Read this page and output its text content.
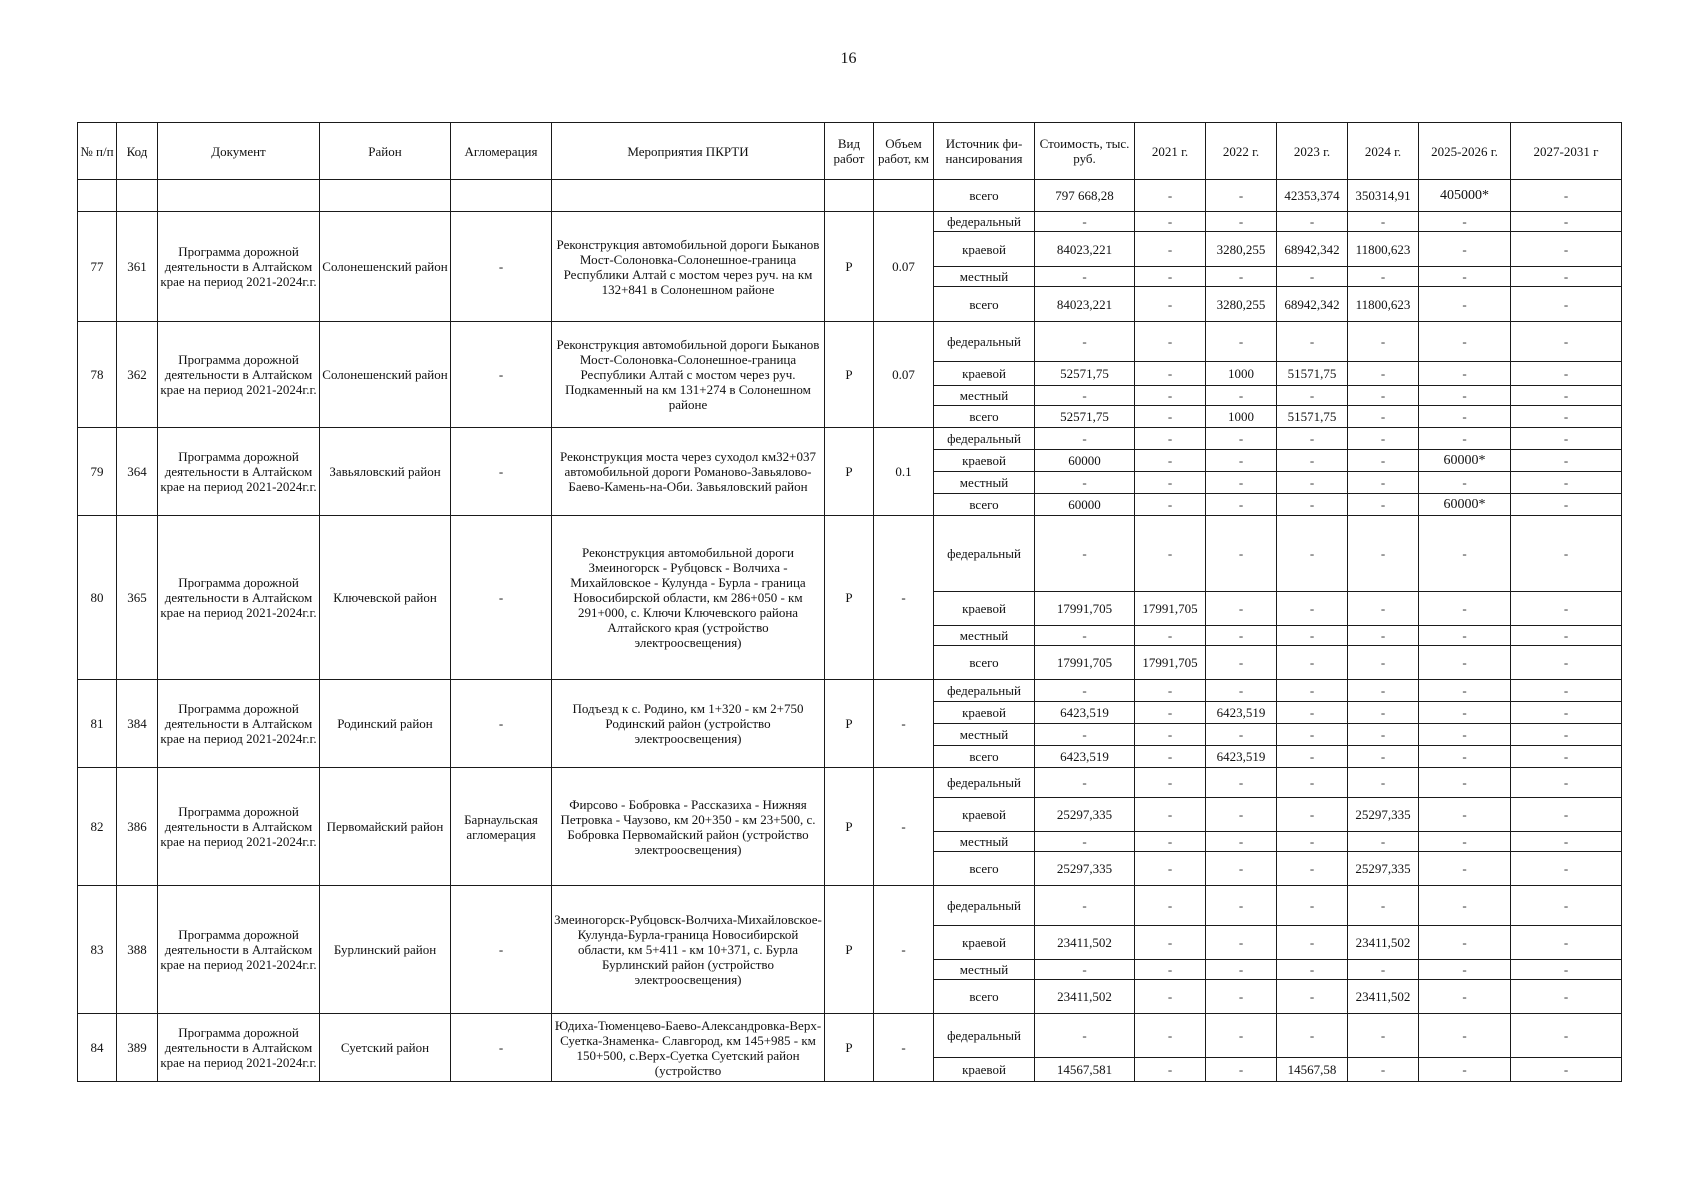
16
№ п/п	Код	Документ	Район	Агломерация	Мероприятия ПКРТИ	Вид работ	Объем работ, км	Источник фи-нансирования	Стоимость, тыс. руб.	2021 г.	2022 г.	2023 г.	2024 г.	2025-2026 г.	2027-2031 г
								всего	797 668,28	-	-	42353,374	350314,91	405000*	-
77	361	Программа дорожной деятельности в Алтайском крае на период 2021-2024г.г.	Солонешенский район	-	Реконструкция автомобильной дороги Быканов Мост-Солоновка-Солонешное-граница Республики Алтай с мостом через руч. на км 132+841 в Солонешном районе	Р	0.07	федеральный	-	-	-	-	-	-	-
								краевой	84023,221	-	3280,255	68942,342	11800,623	-	-
								местный	-	-	-	-	-	-	-
								всего	84023,221	-	3280,255	68942,342	11800,623	-	-
78	362	Программа дорожной деятельности в Алтайском крае на период 2021-2024г.г.	Солонешенский район	-	Реконструкция автомобильной дороги Быканов Мост-Солоновка-Солонешное-граница Республики Алтай с мостом через руч. Подкаменный на км 131+274 в Солонешном районе	Р	0.07	федеральный	-	-	-	-	-	-	-
								краевой	52571,75	-	1000	51571,75	-	-	-
								местный	-	-	-	-	-	-	-
								всего	52571,75	-	1000	51571,75	-	-	-
79	364	Программа дорожной деятельности в Алтайском крае на период 2021-2024г.г.	Завьяловский район	-	Реконструкция моста через суходол км32+037 автомобильной дороги Романово-Завьялово-Баево-Камень-на-Оби. Завьяловский район	Р	0.1	федеральный	-	-	-	-	-	-	-
								краевой	60000	-	-	-	-	60000*	-
								местный	-	-	-	-	-	-	-
								всего	60000	-	-	-	-	60000*	-
80	365	Программа дорожной деятельности в Алтайском крае на период 2021-2024г.г.	Ключевской район	-	Реконструкция автомобильной дороги Змеиногорск - Рубцовск - Волчиха - Михайловское - Кулунда - Бурла - граница Новосибирской области, км 286+050 - км 291+000, с. Ключи Ключевского района Алтайского края (устройство электроосвещения)	Р	-	федеральный	-	-	-	-	-	-	-
								краевой	17991,705	17991,705	-	-	-	-	-
								местный	-	-	-	-	-	-	-
								всего	17991,705	17991,705	-	-	-	-	-
81	384	Программа дорожной деятельности в Алтайском крае на период 2021-2024г.г.	Родинский район	-	Подъезд к с. Родино, км 1+320 - км 2+750 Родинский район (устройство электроосвещения)	Р	-	федеральный	-	-	-	-	-	-	-
								краевой	6423,519	-	6423,519	-	-	-	-
								местный	-	-	-	-	-	-	-
								всего	6423,519	-	6423,519	-	-	-	-
82	386	Программа дорожной деятельности в Алтайском крае на период 2021-2024г.г.	Первомайский район	Барнаульская агломерация	Фирсово - Бобровка - Рассказиха - Нижняя Петровка - Чаузово, км 20+350 - км 23+500, с. Бобровка Первомайский район (устройство электроосвещения)	Р	-	федеральный	-	-	-	-	-	-	-
								краевой	25297,335	-	-	-	25297,335	-	-
								местный	-	-	-	-	-	-	-
								всего	25297,335	-	-	-	25297,335	-	-
83	388	Программа дорожной деятельности в Алтайском крае на период 2021-2024г.г.	Бурлинский район	-	Змеиногорск-Рубцовск-Волчиха-Михайловское-Кулунда-Бурла-граница Новосибирской области, км 5+411 - км 10+371, с. Бурла Бурлинский район (устройство электроосвещения)	Р	-	федеральный	-	-	-	-	-	-	-
								краевой	23411,502	-	-	-	23411,502	-	-
								местный	-	-	-	-	-	-	-
								всего	23411,502	-	-	-	23411,502	-	-
84	389	Программа дорожной деятельности в Алтайском крае на период 2021-2024г.г.	Суетский район	-	Юдиха-Тюменцево-Баево-Александровка-Верх- Суетка-Знаменка- Славгород, км 145+985 - км 150+500, с.Верх-Суетка Суетский район (устройство	Р	-	федеральный	-	-	-	-	-	-	-
								краевой	14567,581	-	-	14567,58	-	-	-
